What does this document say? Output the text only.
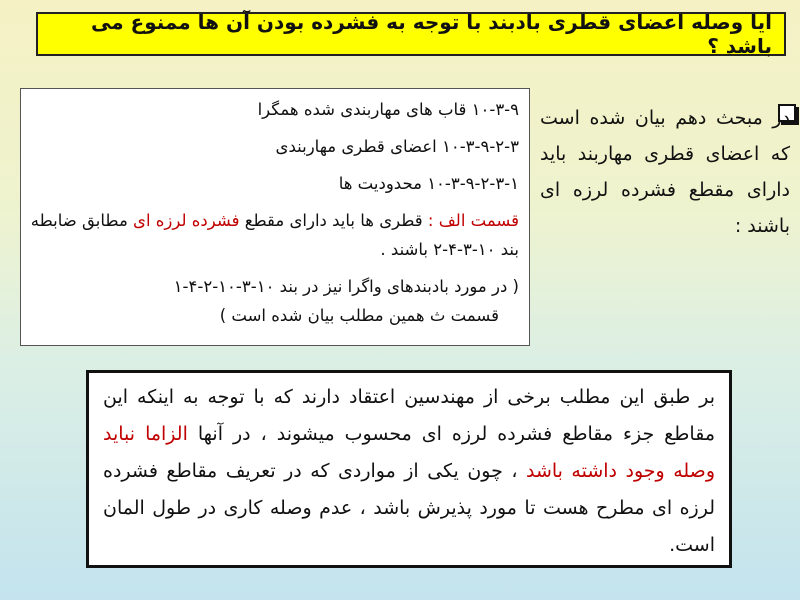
ایا وصله اعضای قطری بادبند با توجه به فشرده بودن آن ها ممنوع می باشد ؟

۱۰-۳-۹ قاب های مهاربندی شده همگرا

۱۰-۳-۹-۲-۳ اعضای قطری مهاربندی

۱۰-۳-۹-۲-۳-۱ محدودیت ها

قسمت الف : قطری ها باید دارای مقطع فشرده لرزه ای مطابق ضابطه بند ۱۰-۳-۴-۲ باشند .

( در مورد بادبندهای واگرا نیز در بند ۱۰-۳-۱۰-۲-۴-۱

قسمت ث همین مطلب بیان شده است )

در مبحث دهم بیان شده است که اعضای قطری مهاربند باید دارای مقطع فشرده لرزه ای باشند :
بر طبق این مطلب برخی از مهندسین اعتقاد دارند که با توجه به اینکه این مقاطع جزء مقاطع فشرده لرزه ای محسوب میشوند ، در آنها الزاما نباید وصله وجود داشته باشد ، چون یکی از مواردی که در تعریف مقاطع فشرده لرزه ای مطرح هست تا مورد پذیرش باشد ، عدم وصله کاری در طول المان است.
